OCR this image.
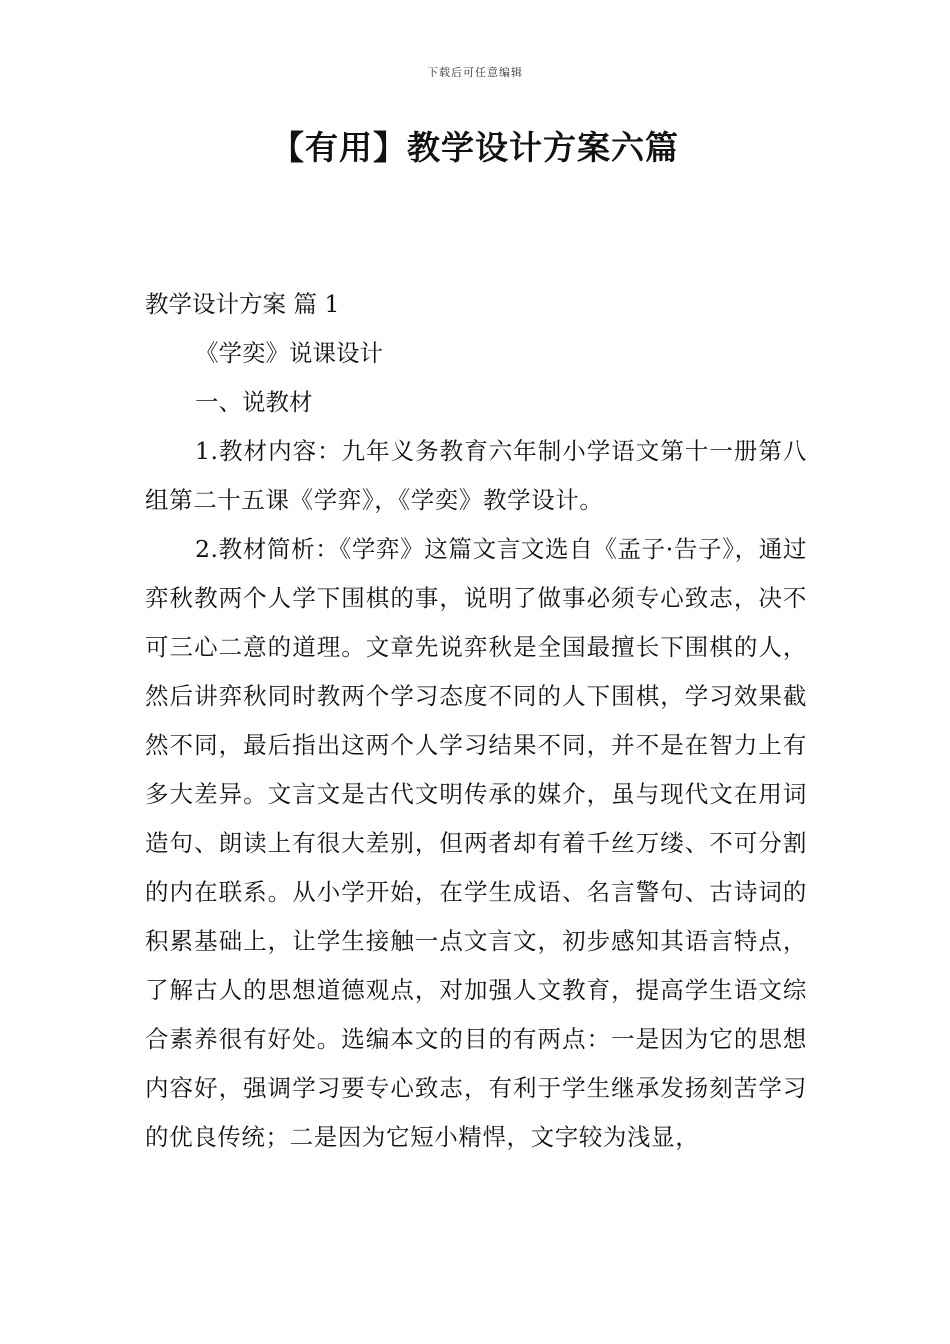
下载后可任意编辑
【有用】教学设计方案六篇

教学设计方案 篇 1

《学奕》说课设计

一、说教材

1.教材内容：九年义务教育六年制小学语文第十一册第八组第二十五课《学弈》，《学奕》教学设计。

2.教材简析：《学弈》这篇文言文选自《孟子·告子》，通过弈秋教两个人学下围棋的事，说明了做事必须专心致志，决不可三心二意的道理。文章先说弈秋是全国最擅长下围棋的人，然后讲弈秋同时教两个学习态度不同的人下围棋，学习效果截然不同，最后指出这两个人学习结果不同，并不是在智力上有多大差异。文言文是古代文明传承的媒介，虽与现代文在用词造句、朗读上有很大差别，但两者却有着千丝万缕、不可分割的内在联系。从小学开始，在学生成语、名言警句、古诗词的积累基础上，让学生接触一点文言文，初步感知其语言特点，了解古人的思想道德观点，对加强人文教育，提高学生语文综合素养很有好处。选编本文的目的有两点：一是因为它的思想内容好，强调学习要专心致志，有利于学生继承发扬刻苦学习的优良传统；二是因为它短小精悍，文字较为浅显，
